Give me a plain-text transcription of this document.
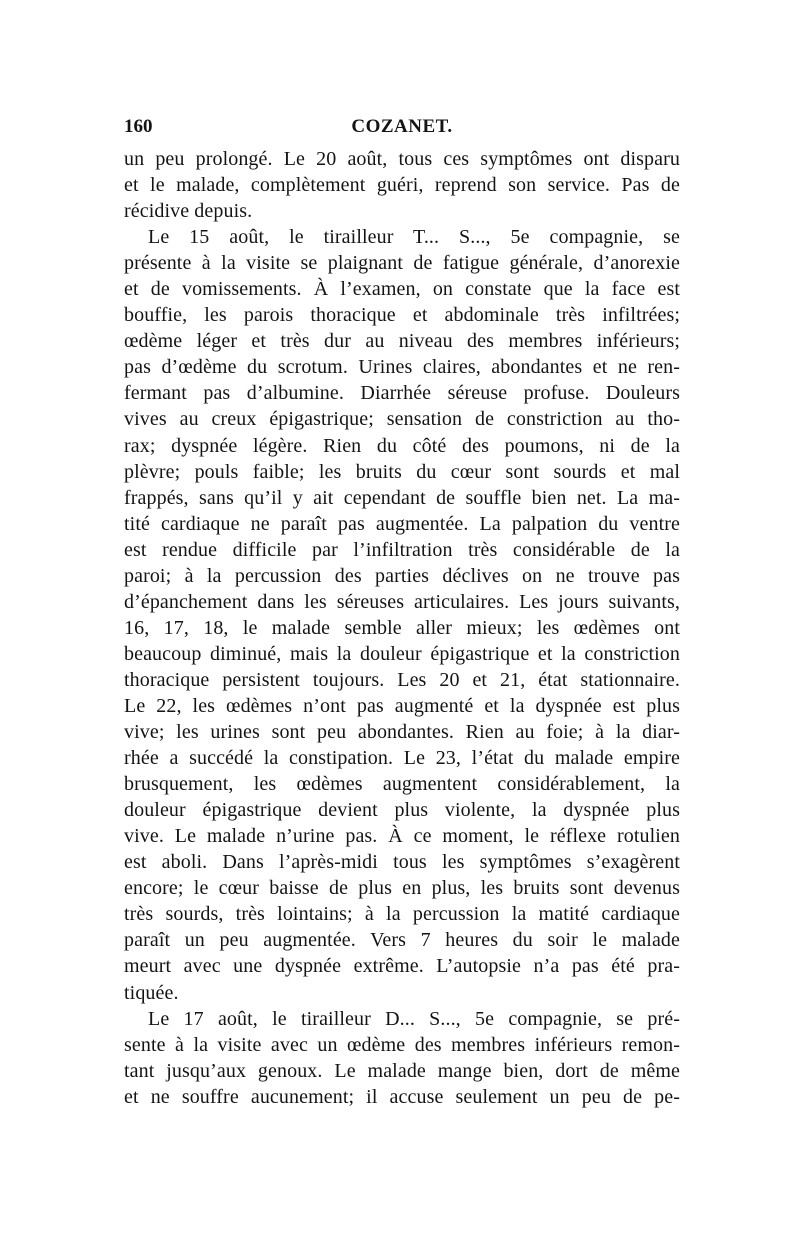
160	COZANET.
un peu prolongé. Le 20 août, tous ces symptômes ont disparu
et le malade, complètement guéri, reprend son service. Pas de
récidive depuis.
Le 15 août, le tirailleur T... S..., 5e compagnie, se
présente à la visite se plaignant de fatigue générale, d’anorexie
et de vomissements. À l’examen, on constate que la face est
bouffie, les parois thoracique et abdominale très infiltrées;
œdème léger et très dur au niveau des membres inférieurs;
pas d’œdème du scrotum. Urines claires, abondantes et ne ren-
fermant pas d’albumine. Diarrhée séreuse profuse. Douleurs
vives au creux épigastrique; sensation de constriction au tho-
rax; dyspnée légère. Rien du côté des poumons, ni de la
plèvre; pouls faible; les bruits du cœur sont sourds et mal
frappés, sans qu’il y ait cependant de souffle bien net. La ma-
tité cardiaque ne paraît pas augmentée. La palpation du ventre
est rendue difficile par l’infiltration très considérable de la
paroi; à la percussion des parties déclives on ne trouve pas
d’épanchement dans les séreuses articulaires. Les jours suivants,
16, 17, 18, le malade semble aller mieux; les œdèmes ont
beaucoup diminué, mais la douleur épigastrique et la constriction
thoracique persistent toujours. Les 20 et 21, état stationnaire.
Le 22, les œdèmes n’ont pas augmenté et la dyspnée est plus
vive; les urines sont peu abondantes. Rien au foie; à la diar-
rhée a succédé la constipation. Le 23, l’état du malade empire
brusquement, les œdèmes augmentent considérablement, la
douleur épigastrique devient plus violente, la dyspnée plus
vive. Le malade n’urine pas. À ce moment, le réflexe rotulien
est aboli. Dans l’après-midi tous les symptômes s’exagèrent
encore; le cœur baisse de plus en plus, les bruits sont devenus
très sourds, très lointains; à la percussion la matité cardiaque
paraît un peu augmentée. Vers 7 heures du soir le malade
meurt avec une dyspnée extrême. L’autopsie n’a pas été pra-
tiquée.
Le 17 août, le tirailleur D... S..., 5e compagnie, se pré-
sente à la visite avec un œdème des membres inférieurs remon-
tant jusqu’aux genoux. Le malade mange bien, dort de même
et ne souffre aucunement; il accuse seulement un peu de pe-
